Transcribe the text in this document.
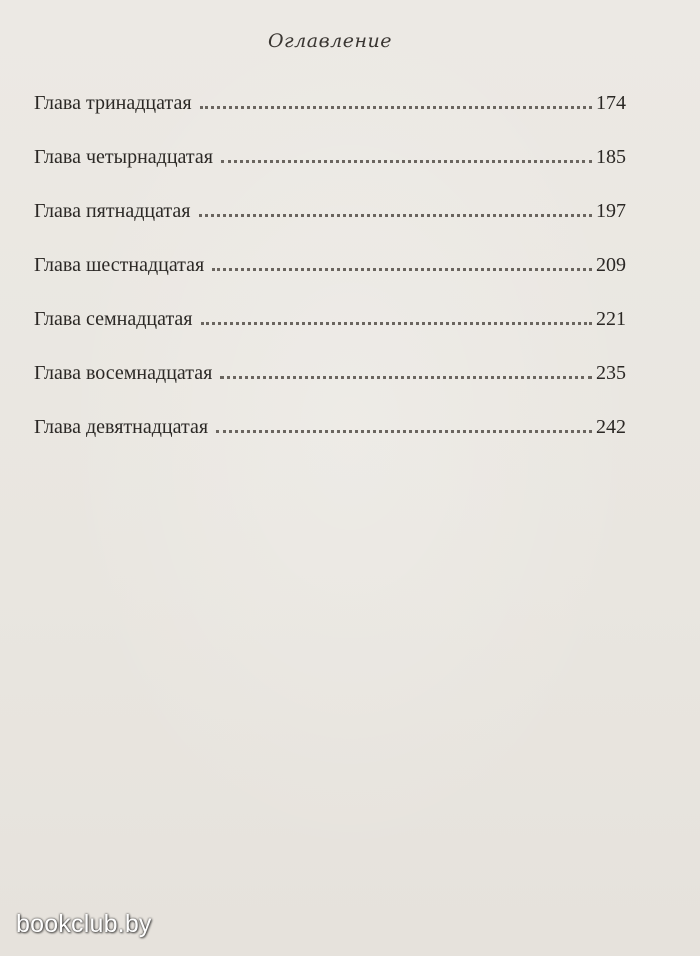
Оглавление
Глава тринадцатая	174
Глава четырнадцатая	185
Глава пятнадцатая	197
Глава шестнадцатая	209
Глава семнадцатая	221
Глава восемнадцатая	235
Глава девятнадцатая	242
bookclub.by
